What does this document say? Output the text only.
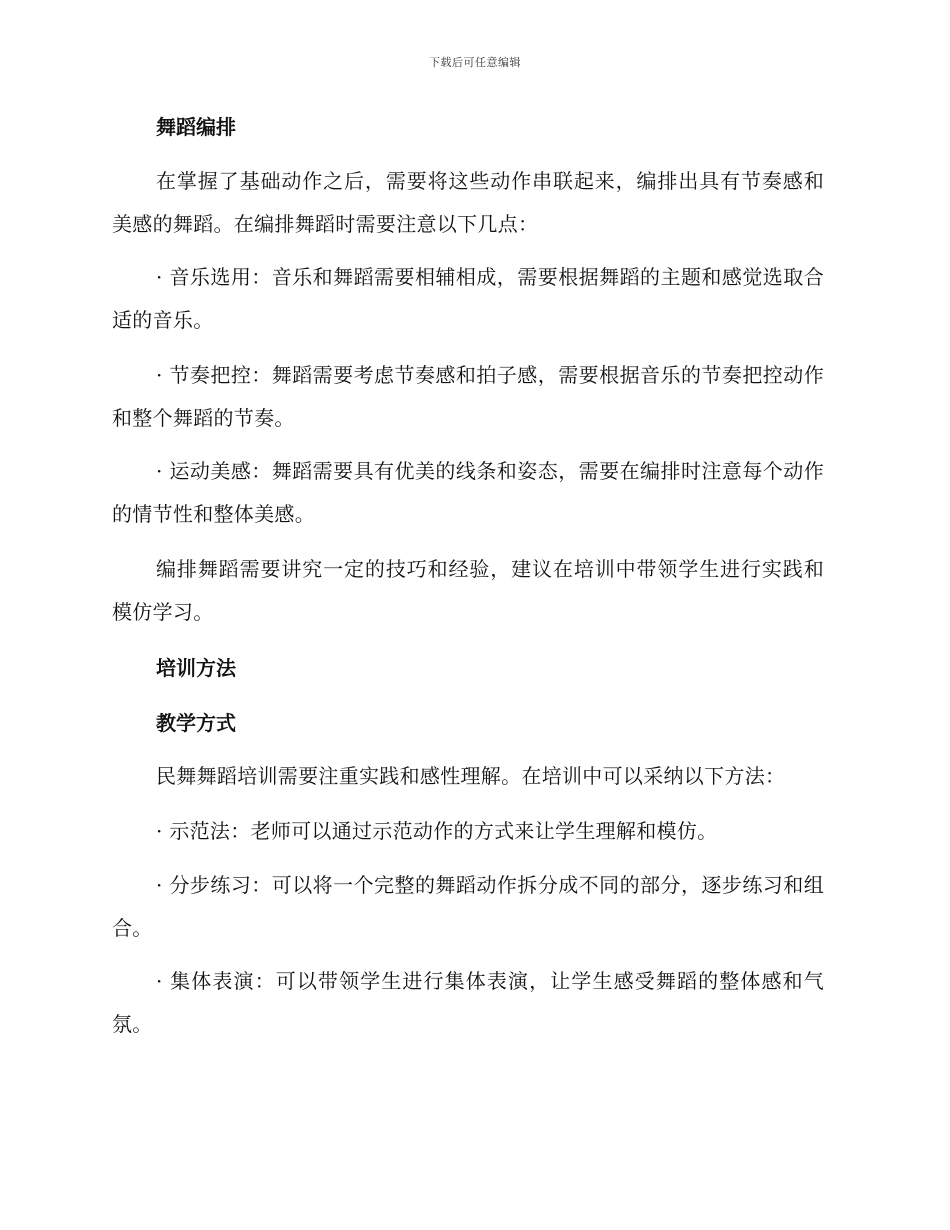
下载后可任意编辑
舞蹈编排
在掌握了基础动作之后，需要将这些动作串联起来，编排出具有节奏感和美感的舞蹈。在编排舞蹈时需要注意以下几点：
· 音乐选用：音乐和舞蹈需要相辅相成，需要根据舞蹈的主题和感觉选取合适的音乐。
· 节奏把控：舞蹈需要考虑节奏感和拍子感，需要根据音乐的节奏把控动作和整个舞蹈的节奏。
· 运动美感：舞蹈需要具有优美的线条和姿态，需要在编排时注意每个动作的情节性和整体美感。
编排舞蹈需要讲究一定的技巧和经验，建议在培训中带领学生进行实践和模仿学习。
培训方法
教学方式
民舞舞蹈培训需要注重实践和感性理解。在培训中可以采纳以下方法：
· 示范法：老师可以通过示范动作的方式来让学生理解和模仿。
· 分步练习：可以将一个完整的舞蹈动作拆分成不同的部分，逐步练习和组合。
· 集体表演：可以带领学生进行集体表演，让学生感受舞蹈的整体感和气氛。
